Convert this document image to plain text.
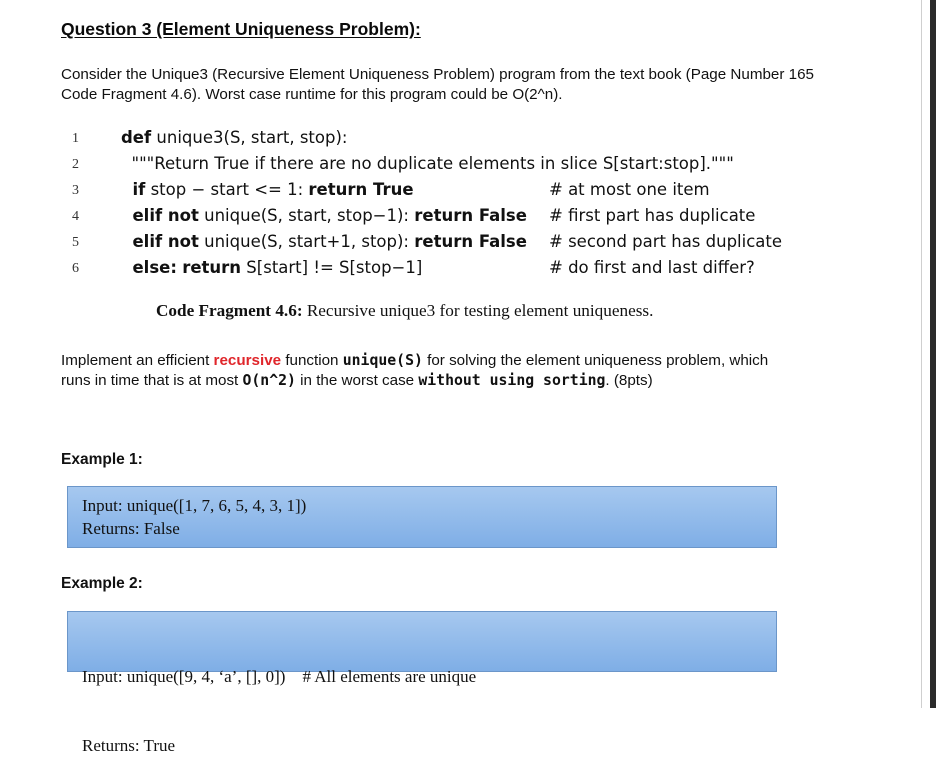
Question 3 (Element Uniqueness Problem):
Consider the Unique3 (Recursive Element Uniqueness Problem) program from the text book (Page Number 165 Code Fragment 4.6). Worst case runtime for this program could be O(2^n).
1	def unique3(S, start, stop):
2	"""Return True if there are no duplicate elements in slice S[start:stop]."""
3	if stop − start <= 1: return True	# at most one item
4	elif not unique(S, start, stop−1): return False # first part has duplicate
5	elif not unique(S, start+1, stop): return False # second part has duplicate
6	else: return S[start] != S[stop−1]	# do first and last differ?
Code Fragment 4.6: Recursive unique3 for testing element uniqueness.
Implement an efficient recursive function unique(S) for solving the element uniqueness problem, which runs in time that is at most O(n^2) in the worst case without using sorting. (8pts)
Example 1:
Input: unique([1, 7, 6, 5, 4, 3, 1])
Returns: False
Example 2:

Input: unique([9, 4, ‘a’, [], 0])    # All elements are unique

Returns: True
